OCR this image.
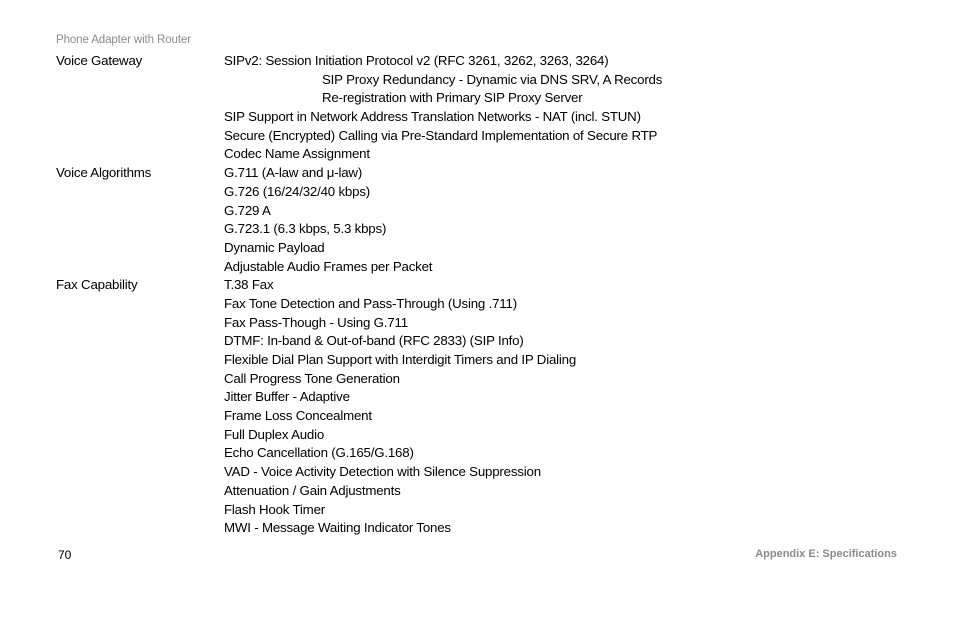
Phone Adapter with Router
Voice Gateway	SIPv2: Session Initiation Protocol v2 (RFC 3261, 3262, 3263, 3264)
SIP Proxy Redundancy - Dynamic via DNS SRV, A Records
Re-registration with Primary SIP Proxy Server
SIP Support in Network Address Translation Networks - NAT (incl. STUN)
Secure (Encrypted) Calling via Pre-Standard Implementation of Secure RTP
Codec Name Assignment
Voice Algorithms	G.711 (A-law and μ-law)
G.726 (16/24/32/40 kbps)
G.729 A
G.723.1 (6.3 kbps, 5.3 kbps)
Dynamic Payload
Adjustable Audio Frames per Packet
Fax Capability	T.38 Fax
Fax Tone Detection and Pass-Through (Using .711)
Fax Pass-Though - Using G.711
DTMF: In-band & Out-of-band (RFC 2833) (SIP Info)
Flexible Dial Plan Support with Interdigit Timers and IP Dialing
Call Progress Tone Generation
Jitter Buffer - Adaptive
Frame Loss Concealment
Full Duplex Audio
Echo Cancellation (G.165/G.168)
VAD - Voice Activity Detection with Silence Suppression
Attenuation / Gain Adjustments
Flash Hook Timer
MWI - Message Waiting Indicator Tones
70	Appendix E: Specifications
